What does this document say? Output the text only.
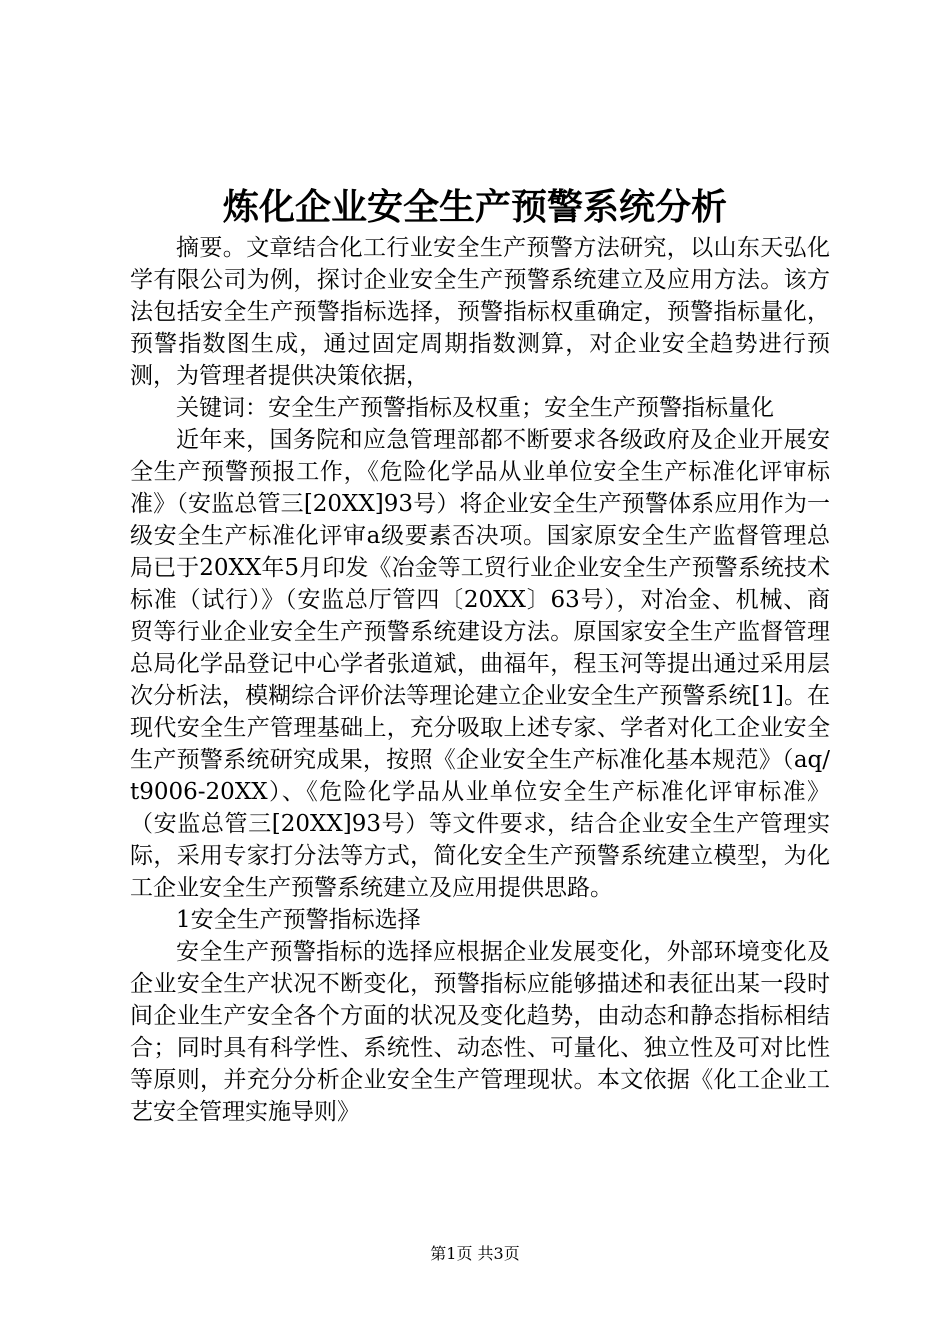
炼化企业安全生产预警系统分析

摘要。文章结合化工行业安全生产预警方法研究，以山东天弘化学有限公司为例，探讨企业安全生产预警系统建立及应用方法。该方法包括安全生产预警指标选择，预警指标权重确定，预警指标量化，预警指数图生成，通过固定周期指数测算，对企业安全趋势进行预测，为管理者提供决策依据，

关键词：安全生产预警指标及权重；安全生产预警指标量化

近年来，国务院和应急管理部都不断要求各级政府及企业开展安全生产预警预报工作，《危险化学品从业单位安全生产标准化评审标准》（安监总管三[20XX]93号）将企业安全生产预警体系应用作为一级安全生产标准化评审a级要素否决项。国家原安全生产监督管理总局已于20XX年5月印发《冶金等工贸行业企业安全生产预警系统技术标准（试行）》（安监总厅管四〔20XX〕63号），对冶金、机械、商贸等行业企业安全生产预警系统建设方法。原国家安全生产监督管理总局化学品登记中心学者张道斌，曲福年，程玉河等提出通过采用层次分析法，模糊综合评价法等理论建立企业安全生产预警系统[1]。在现代安全生产管理基础上，充分吸取上述专家、学者对化工企业安全生产预警系统研究成果，按照《企业安全生产标准化基本规范》（aq/t9006-20XX）、《危险化学品从业单位安全生产标准化评审标准》（安监总管三[20XX]93号）等文件要求，结合企业安全生产管理实际，采用专家打分法等方式，简化安全生产预警系统建立模型，为化工企业安全生产预警系统建立及应用提供思路。

1安全生产预警指标选择

安全生产预警指标的选择应根据企业发展变化，外部环境变化及企业安全生产状况不断变化，预警指标应能够描述和表征出某一段时间企业生产安全各个方面的状况及变化趋势，由动态和静态指标相结合；同时具有科学性、系统性、动态性、可量化、独立性及可对比性等原则，并充分分析企业安全生产管理现状。本文依据《化工企业工艺安全管理实施导则》

第1页 共3页
